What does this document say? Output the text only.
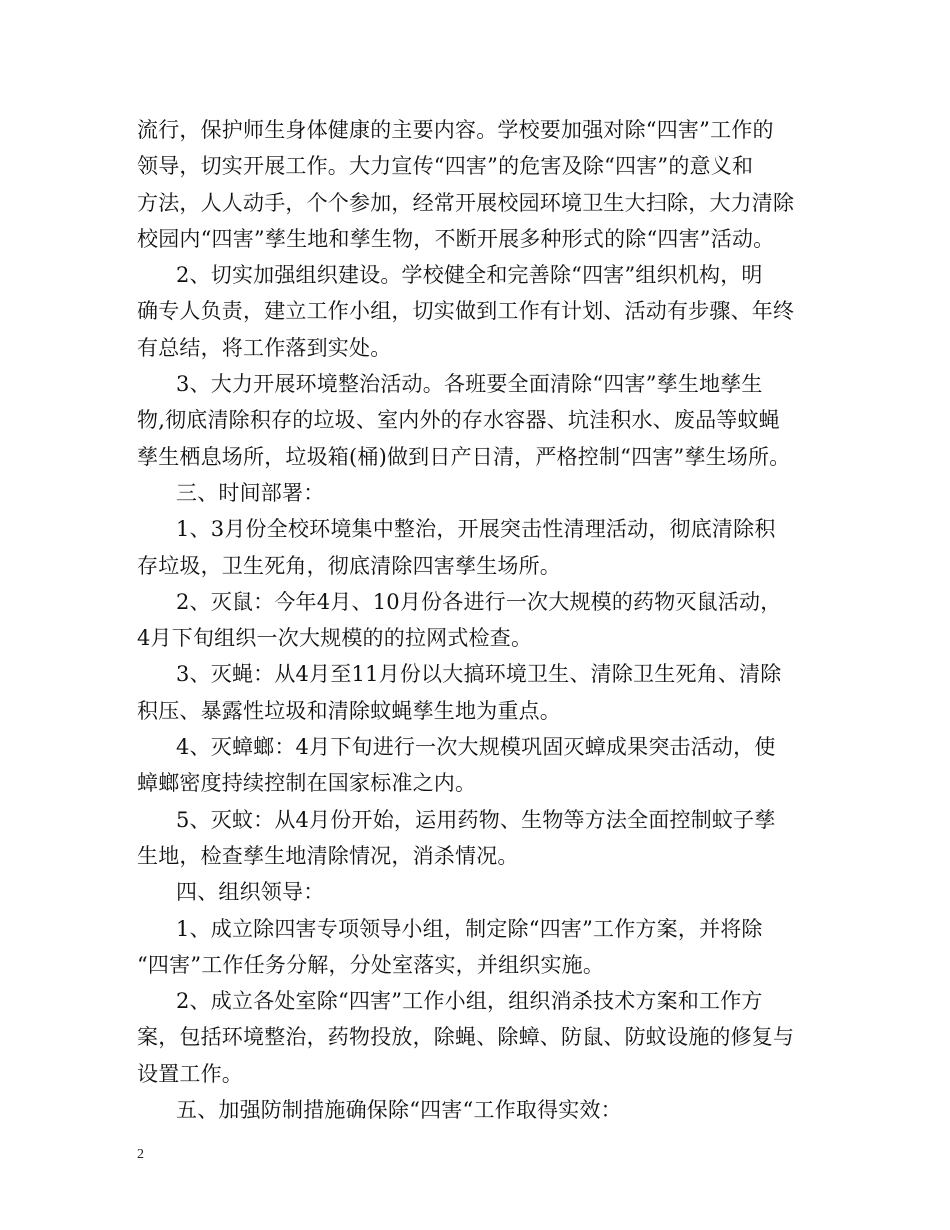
流行，保护师生身体健康的主要内容。学校要加强对除“四害”工作的
领导，切实开展工作。大力宣传“四害”的危害及除“四害”的意义和
方法，人人动手，个个参加，经常开展校园环境卫生大扫除，大力清除
校园内“四害”孳生地和孳生物，不断开展多种形式的除“四害”活动。
2、切实加强组织建设。学校健全和完善除“四害”组织机构，明
确专人负责，建立工作小组，切实做到工作有计划、活动有步骤、年终
有总结，将工作落到实处。
3、大力开展环境整治活动。各班要全面清除“四害”孳生地孳生
物,彻底清除积存的垃圾、室内外的存水容器、坑洼积水、废品等蚊蝇
孳生栖息场所，垃圾箱(桶)做到日产日清，严格控制“四害”孳生场所。
三、时间部署：
1、3月份全校环境集中整治，开展突击性清理活动，彻底清除积
存垃圾，卫生死角，彻底清除四害孳生场所。
2、灭鼠：今年4月、10月份各进行一次大规模的药物灭鼠活动，
4月下旬组织一次大规模的的拉网式检查。
3、灭蝇：从4月至11月份以大搞环境卫生、清除卫生死角、清除
积压、暴露性垃圾和清除蚊蝇孳生地为重点。
4、灭蟑螂：4月下旬进行一次大规模巩固灭蟑成果突击活动，使
蟑螂密度持续控制在国家标准之内。
5、灭蚊：从4月份开始，运用药物、生物等方法全面控制蚊子孳
生地，检查孳生地清除情况，消杀情况。
四、组织领导：
1、成立除四害专项领导小组，制定除“四害”工作方案，并将除
“四害”工作任务分解，分处室落实，并组织实施。
2、成立各处室除“四害”工作小组，组织消杀技术方案和工作方
案，包括环境整治，药物投放，除蝇、除蟑、防鼠、防蚊设施的修复与
设置工作。
五、加强防制措施确保除“四害“工作取得实效：
2
